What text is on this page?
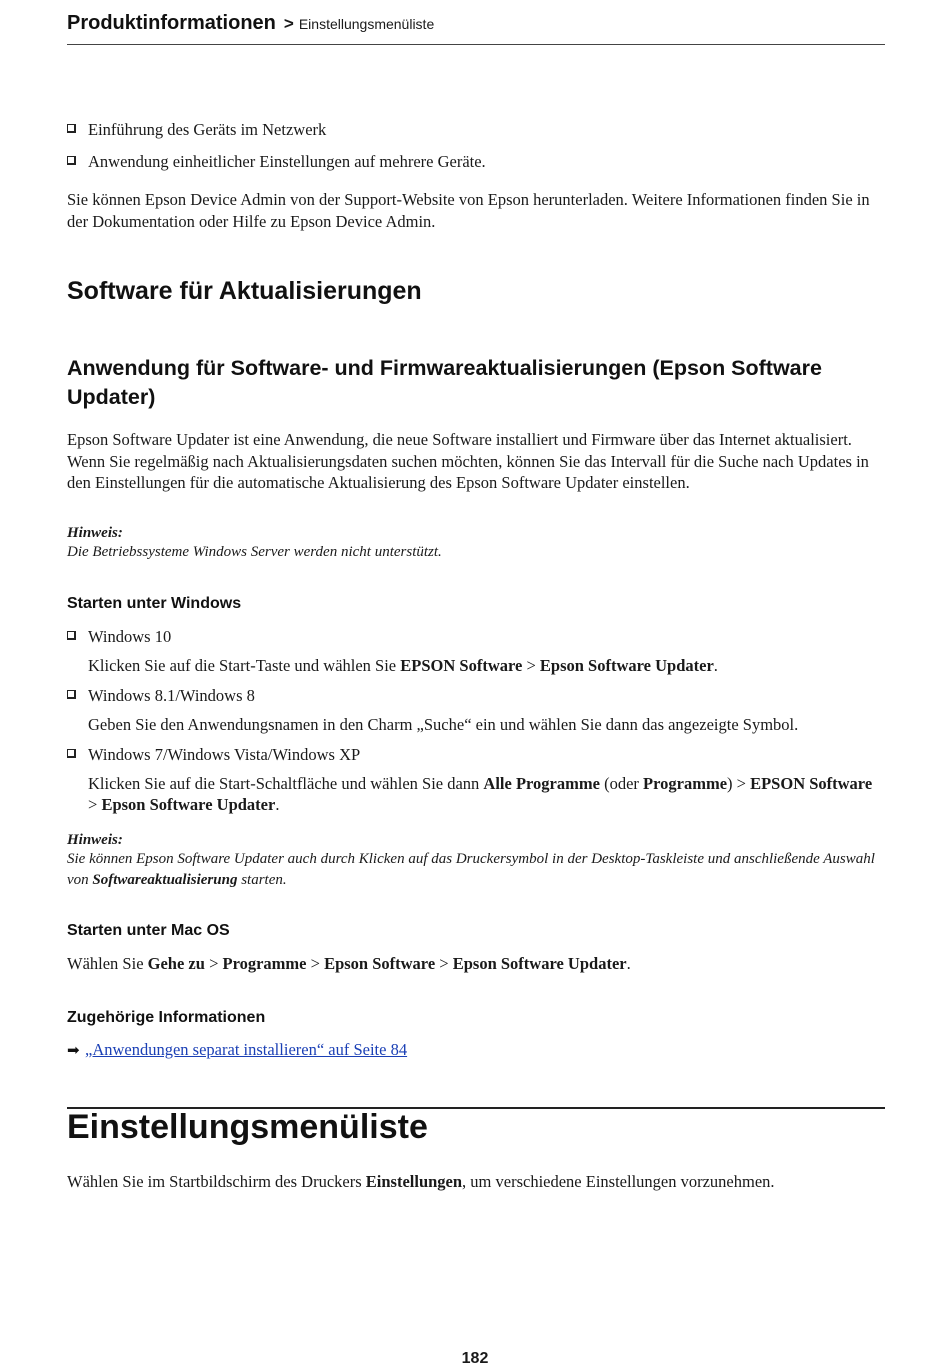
Produktinformationen > Einstellungsmenüliste
Einführung des Geräts im Netzwerk
Anwendung einheitlicher Einstellungen auf mehrere Geräte.

Sie können Epson Device Admin von der Support-Website von Epson herunterladen. Weitere Informationen finden Sie in der Dokumentation oder Hilfe zu Epson Device Admin.

Software für Aktualisierungen
Anwendung für Software- und Firmwareaktualisierungen (Epson Software Updater)

Epson Software Updater ist eine Anwendung, die neue Software installiert und Firmware über das Internet aktualisiert. Wenn Sie regelmäßig nach Aktualisierungsdaten suchen möchten, können Sie das Intervall für die Suche nach Updates in den Einstellungen für die automatische Aktualisierung des Epson Software Updater einstellen.

Hinweis:
Die Betriebssysteme Windows Server werden nicht unterstützt.
Starten unter Windows
Windows 10
Klicken Sie auf die Start-Taste und wählen Sie EPSON Software > Epson Software Updater.
Windows 8.1/Windows 8
Geben Sie den Anwendungsnamen in den Charm „Suche“ ein und wählen Sie dann das angezeigte Symbol.
Windows 7/Windows Vista/Windows XP
Klicken Sie auf die Start-Schaltfläche und wählen Sie dann Alle Programme (oder Programme) > EPSON Software > Epson Software Updater.
Hinweis:
Sie können Epson Software Updater auch durch Klicken auf das Druckersymbol in der Desktop-Taskleiste und anschließende Auswahl von Softwareaktualisierung starten.
Starten unter Mac OS

Wählen Sie Gehe zu > Programme > Epson Software > Epson Software Updater.

Zugehörige Informationen
➡ „Anwendungen separat installieren“ auf Seite 84
Einstellungsmenüliste

Wählen Sie im Startbildschirm des Druckers Einstellungen, um verschiedene Einstellungen vorzunehmen.

182
